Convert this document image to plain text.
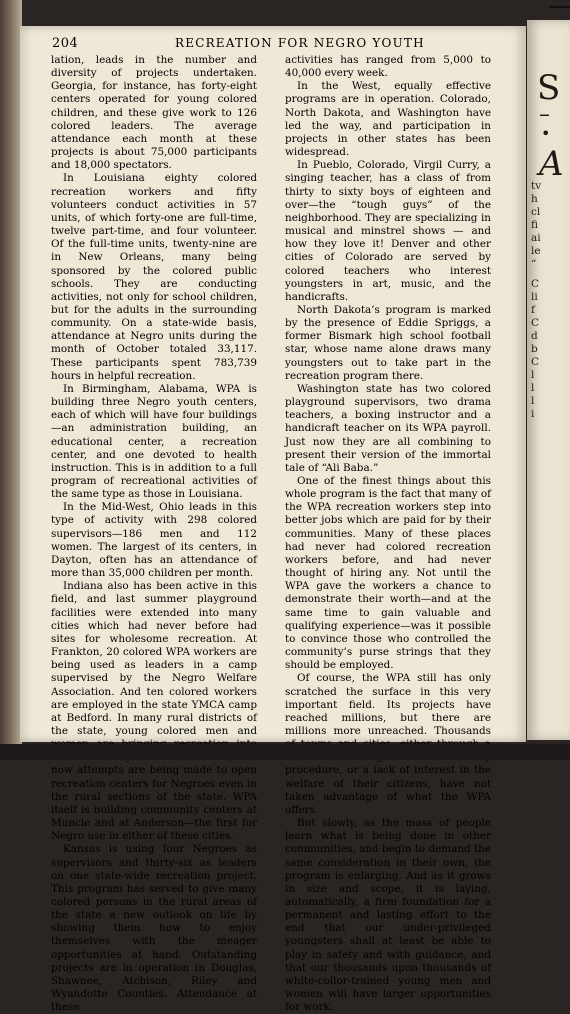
204	RECREATION FOR NEGRO YOUTH

lation, leads in the number and diversity of projects undertaken. Georgia, for instance, has forty-eight centers operated for young colored children, and these give work to 126 colored leaders. The average attendance each month at these projects is about 75,000 participants and 18,000 spectators.

In Louisiana eighty colored recreation workers and fifty volunteers conduct activities in 57 units, of which forty-one are full-time, twelve part-time, and four volunteer. Of the full-time units, twenty-nine are in New Orleans, many being sponsored by the colored public schools. They are conducting activities, not only for school children, but for the adults in the surrounding community. On a state-wide basis, attendance at Negro units during the month of October totaled 33,117. These participants spent 783,739 hours in helpful recreation.

In Birmingham, Alabama, WPA is building three Negro youth centers, each of which will have four buildings—an administration building, an educational center, a recreation center, and one devoted to health instruction. This is in addition to a full program of recreational activities of the same type as those in Louisiana.

In the Mid-West, Ohio leads in this type of activity with 298 colored supervisors—186 men and 112 women. The largest of its centers, in Dayton, often has an attendance of more than 35,000 children per month.

Indiana also has been active in this field, and last summer playground facilities were extended into many cities which had never before had sites for wholesome recreation. At Frankton, 20 colored WPA workers are being used as leaders in a camp supervised by the Negro Welfare Association. And ten colored workers are employed in the state YMCA camp at Bedford. In many rural districts of the state, young colored men and now attempts are being made to open recreation centers for Negroes even in the rural sections of the state. WPA itself is building community centers at Muncie and at Anderson—the first for Negro use in either of these cities.

Kansas is using four Negroes as supervisors and thirty-six as leaders on one state-wide recreation project. This program has served to give many colored persons in the rural areas of the state a new outlook on life by showing them how to enjoy themselves with the meager opportunities at hand. Outstanding projects are in operation in Douglas, Shawnee, Atchison, Riley and Wyandotte Counties. Attendance at these

activities has ranged from 5,000 to 40,000 every week.

In the West, equally effective programs are in operation. Colorado, North Dakota, and Washington have led the way, and participation in projects in other states has been widespread.

In Pueblo, Colorado, Virgil Curry, a singing teacher, has a class of from thirty to sixty boys of eighteen and over—the “tough guys” of the neighborhood. They are specializing in musical and minstrel shows — and how they love it! Denver and other cities of Colorado are served by colored teachers who interest youngsters in art, music, and the handicrafts.

North Dakota’s program is marked by the presence of Eddie Spriggs, a former Bismark high school football star, whose name alone draws many youngsters out to take part in the recreation program there.

Washington state has two colored playground supervisors, two drama teachers, a boxing instructor and a handicraft teacher on its WPA payroll. Just now they are all combining to present their version of the immortal tale of “Ali Baba.”

One of the finest things about this whole program is the fact that many of the WPA recreation workers step into better jobs which are paid for by their communities. Many of these places had never had colored recreation workers before, and had never thought of hiring any. Not until the WPA gave the workers a chance to demonstrate their worth—and at the same time to gain valuable and qualifying experience—was it possible to convince those who controlled the community’s purse strings that they should be employed.

Of course, the WPA still has only scratched the surface in this very important field. Its projects have reached millions, but there are millions more unreached. Thousands procedure, or a lack of interest in the welfare of their citizens, have not taken advantage of what the WPA offers.

But slowly, as the mass of people learn what is being done in other communities, and begin to demand the same consideration in their own, the program is enlarging. And as it grows in size and scope, it is laying, automatically, a firm foundation for a permanent and lasting effort to the end that our under-privileged youngsters shall at least be able to play in safety and with guidance, and that our thousands upon thousands of white-collor-trained young men and women will have larger opportunities for work.

S
–
•
A
tv
h
cl
fi
ai
le
“
C
li
f
C
d
b
C
l
l
l
i
